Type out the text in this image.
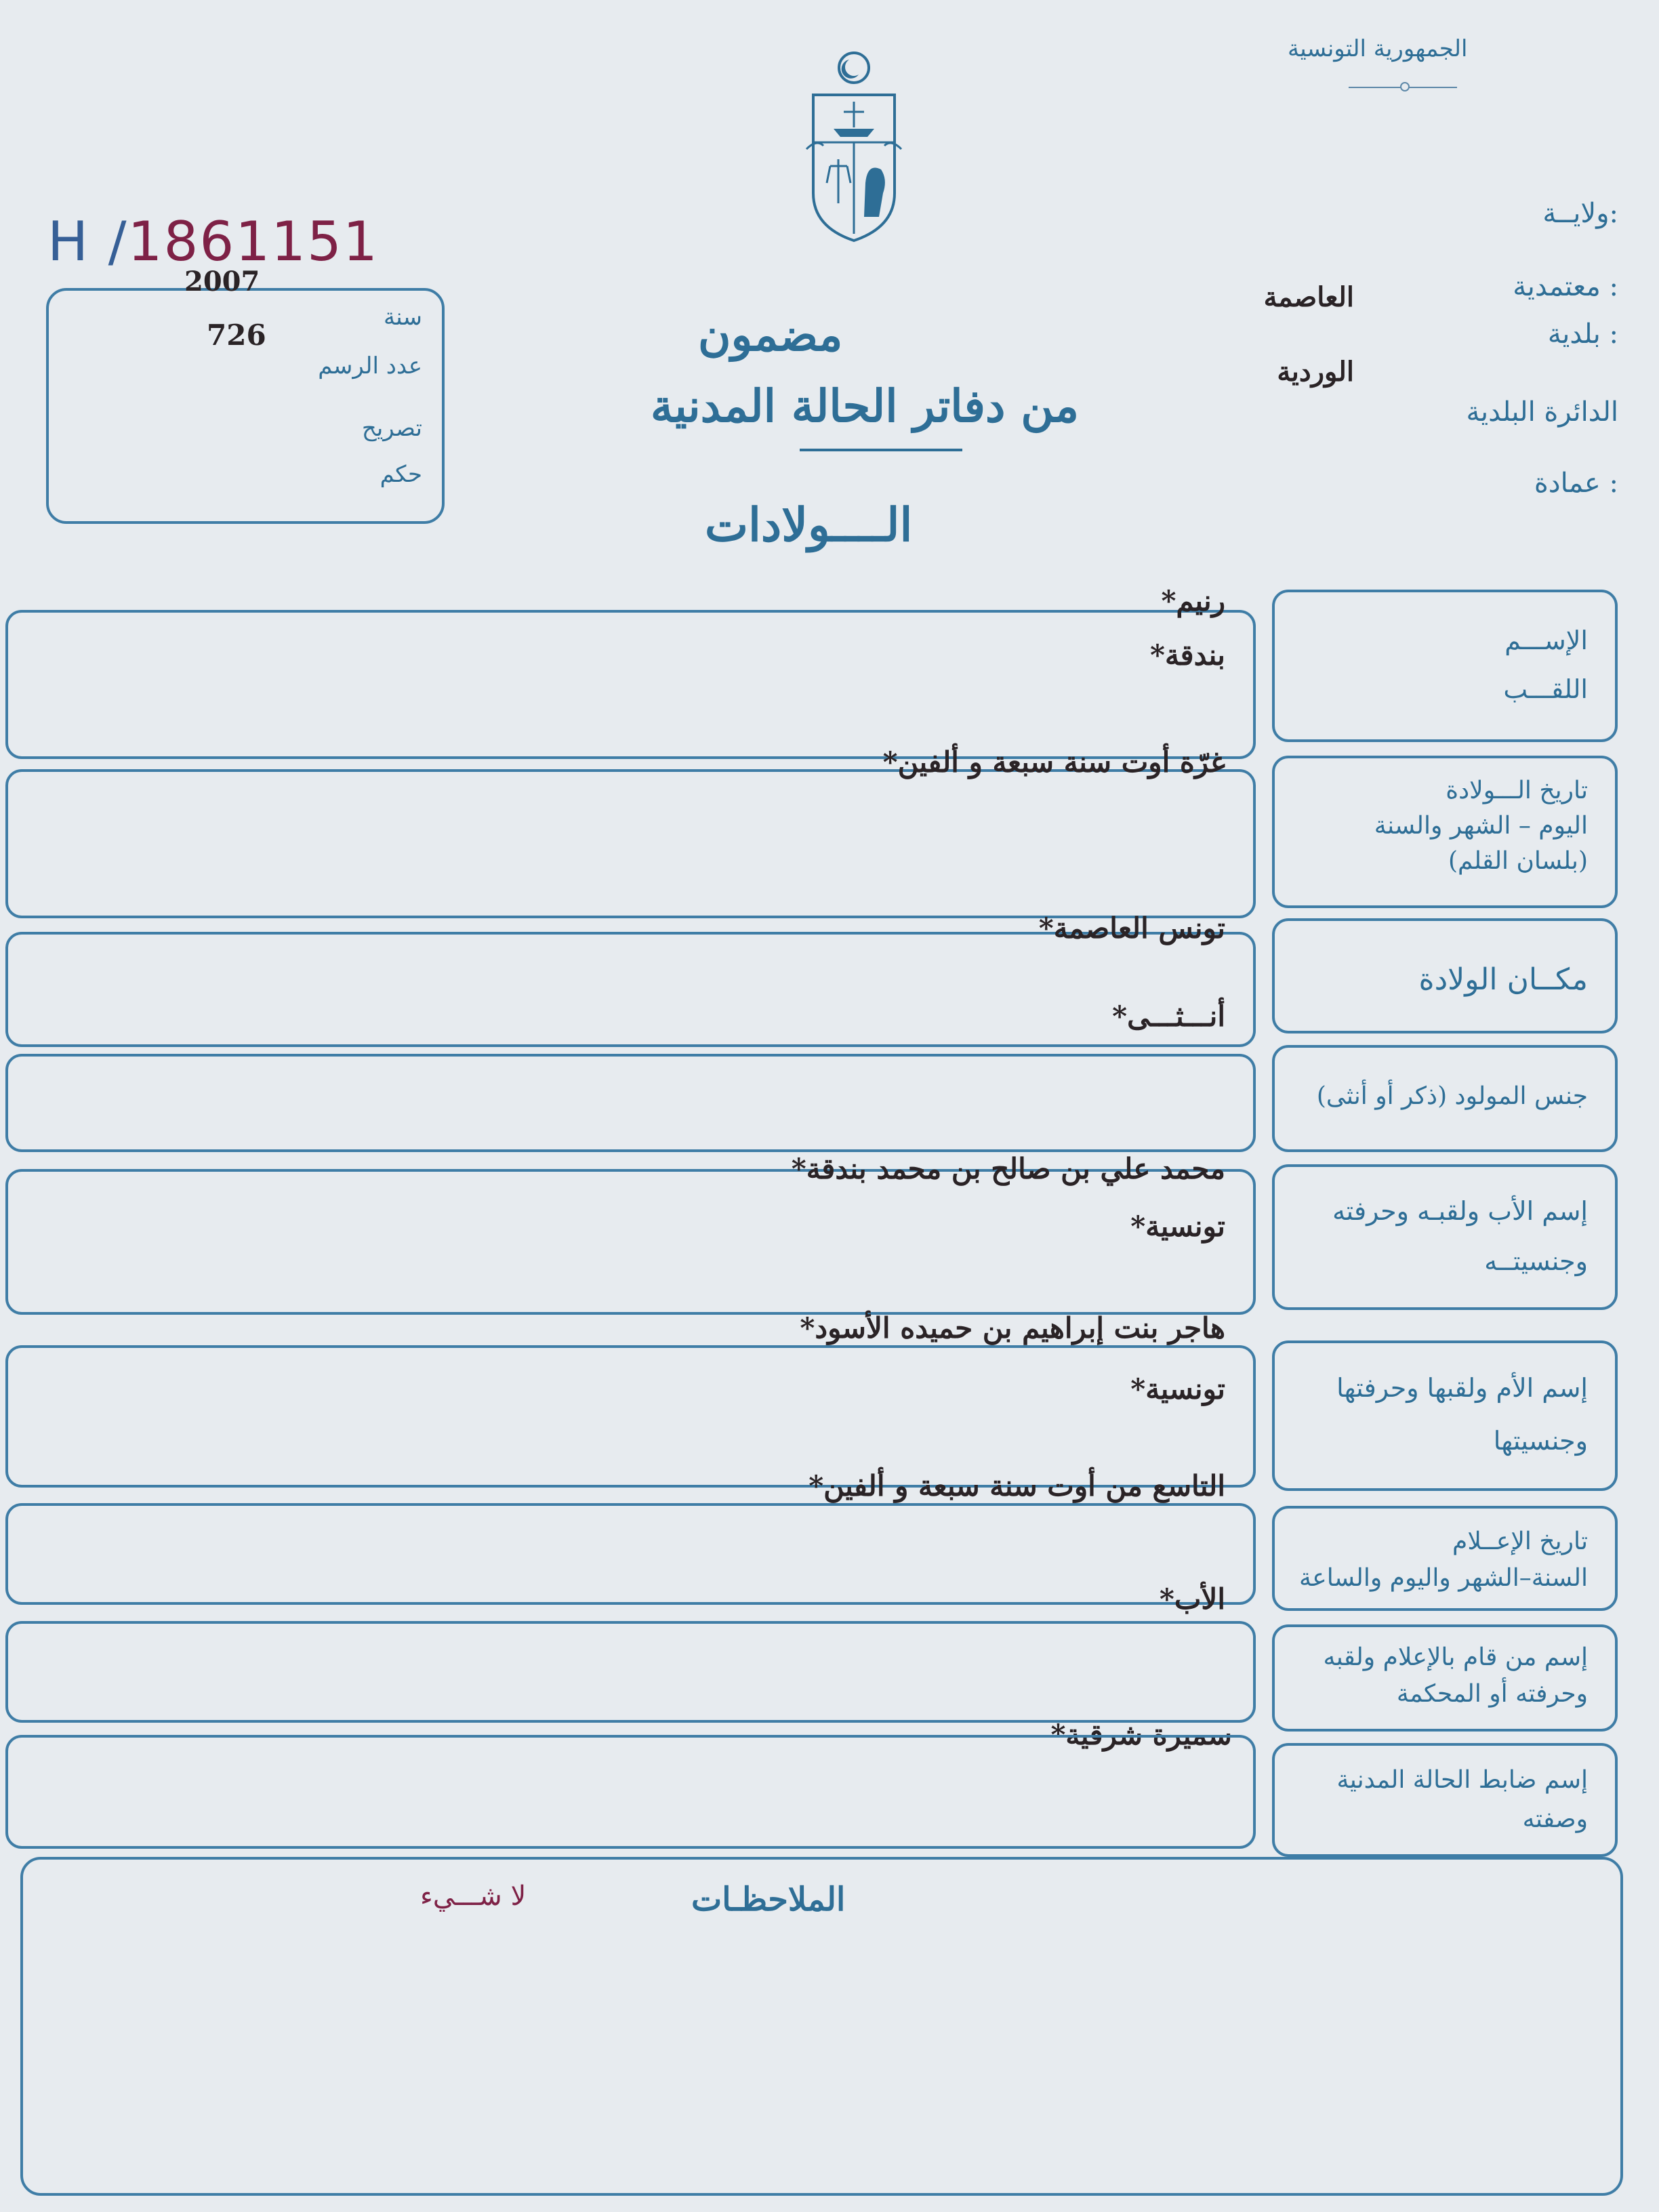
الجمهورية التونسية
ولايــة:
معتمدية :
العاصمة
بلدية :
الوردية
الدائرة البلدية
عمادة :
H /1861151
2007
726
سنة
عدد الرسم
تصريح
حكم
مضمون
من دفاتر الحالة المدنية
الــــولادات
الإســـم
اللقـــب
رنيم*
بندقة*
تاريخ الـــولادة
اليوم – الشهر والسنة
(بلسان القلم)
غرّة أوت سنة سبعة و ألفين*
مكــان الولادة
تونس العاصمة*
أنـــثـــى*
جنس المولود (ذكر أو أنثى)
إسم الأب ولقبـه وحرفته
وجنسيتــه
محمد علي بن صالح بن محمد بندقة*
تونسية*
إسم الأم ولقبها وحرفتها
وجنسيتها
هاجر بنت إبراهيم بن حميده الأسود*
تونسية*
تاريخ الإعــلام
السنة–الشهر واليوم والساعة
التاسع من أوت سنة سبعة و ألفين*
الأب*
إسم من قام بالإعلام ولقبه
وحرفته أو المحكمة
سميرة شرقية*
إسم ضابط الحالة المدنية
وصفته
الملاحظـات
لا شـــيء
